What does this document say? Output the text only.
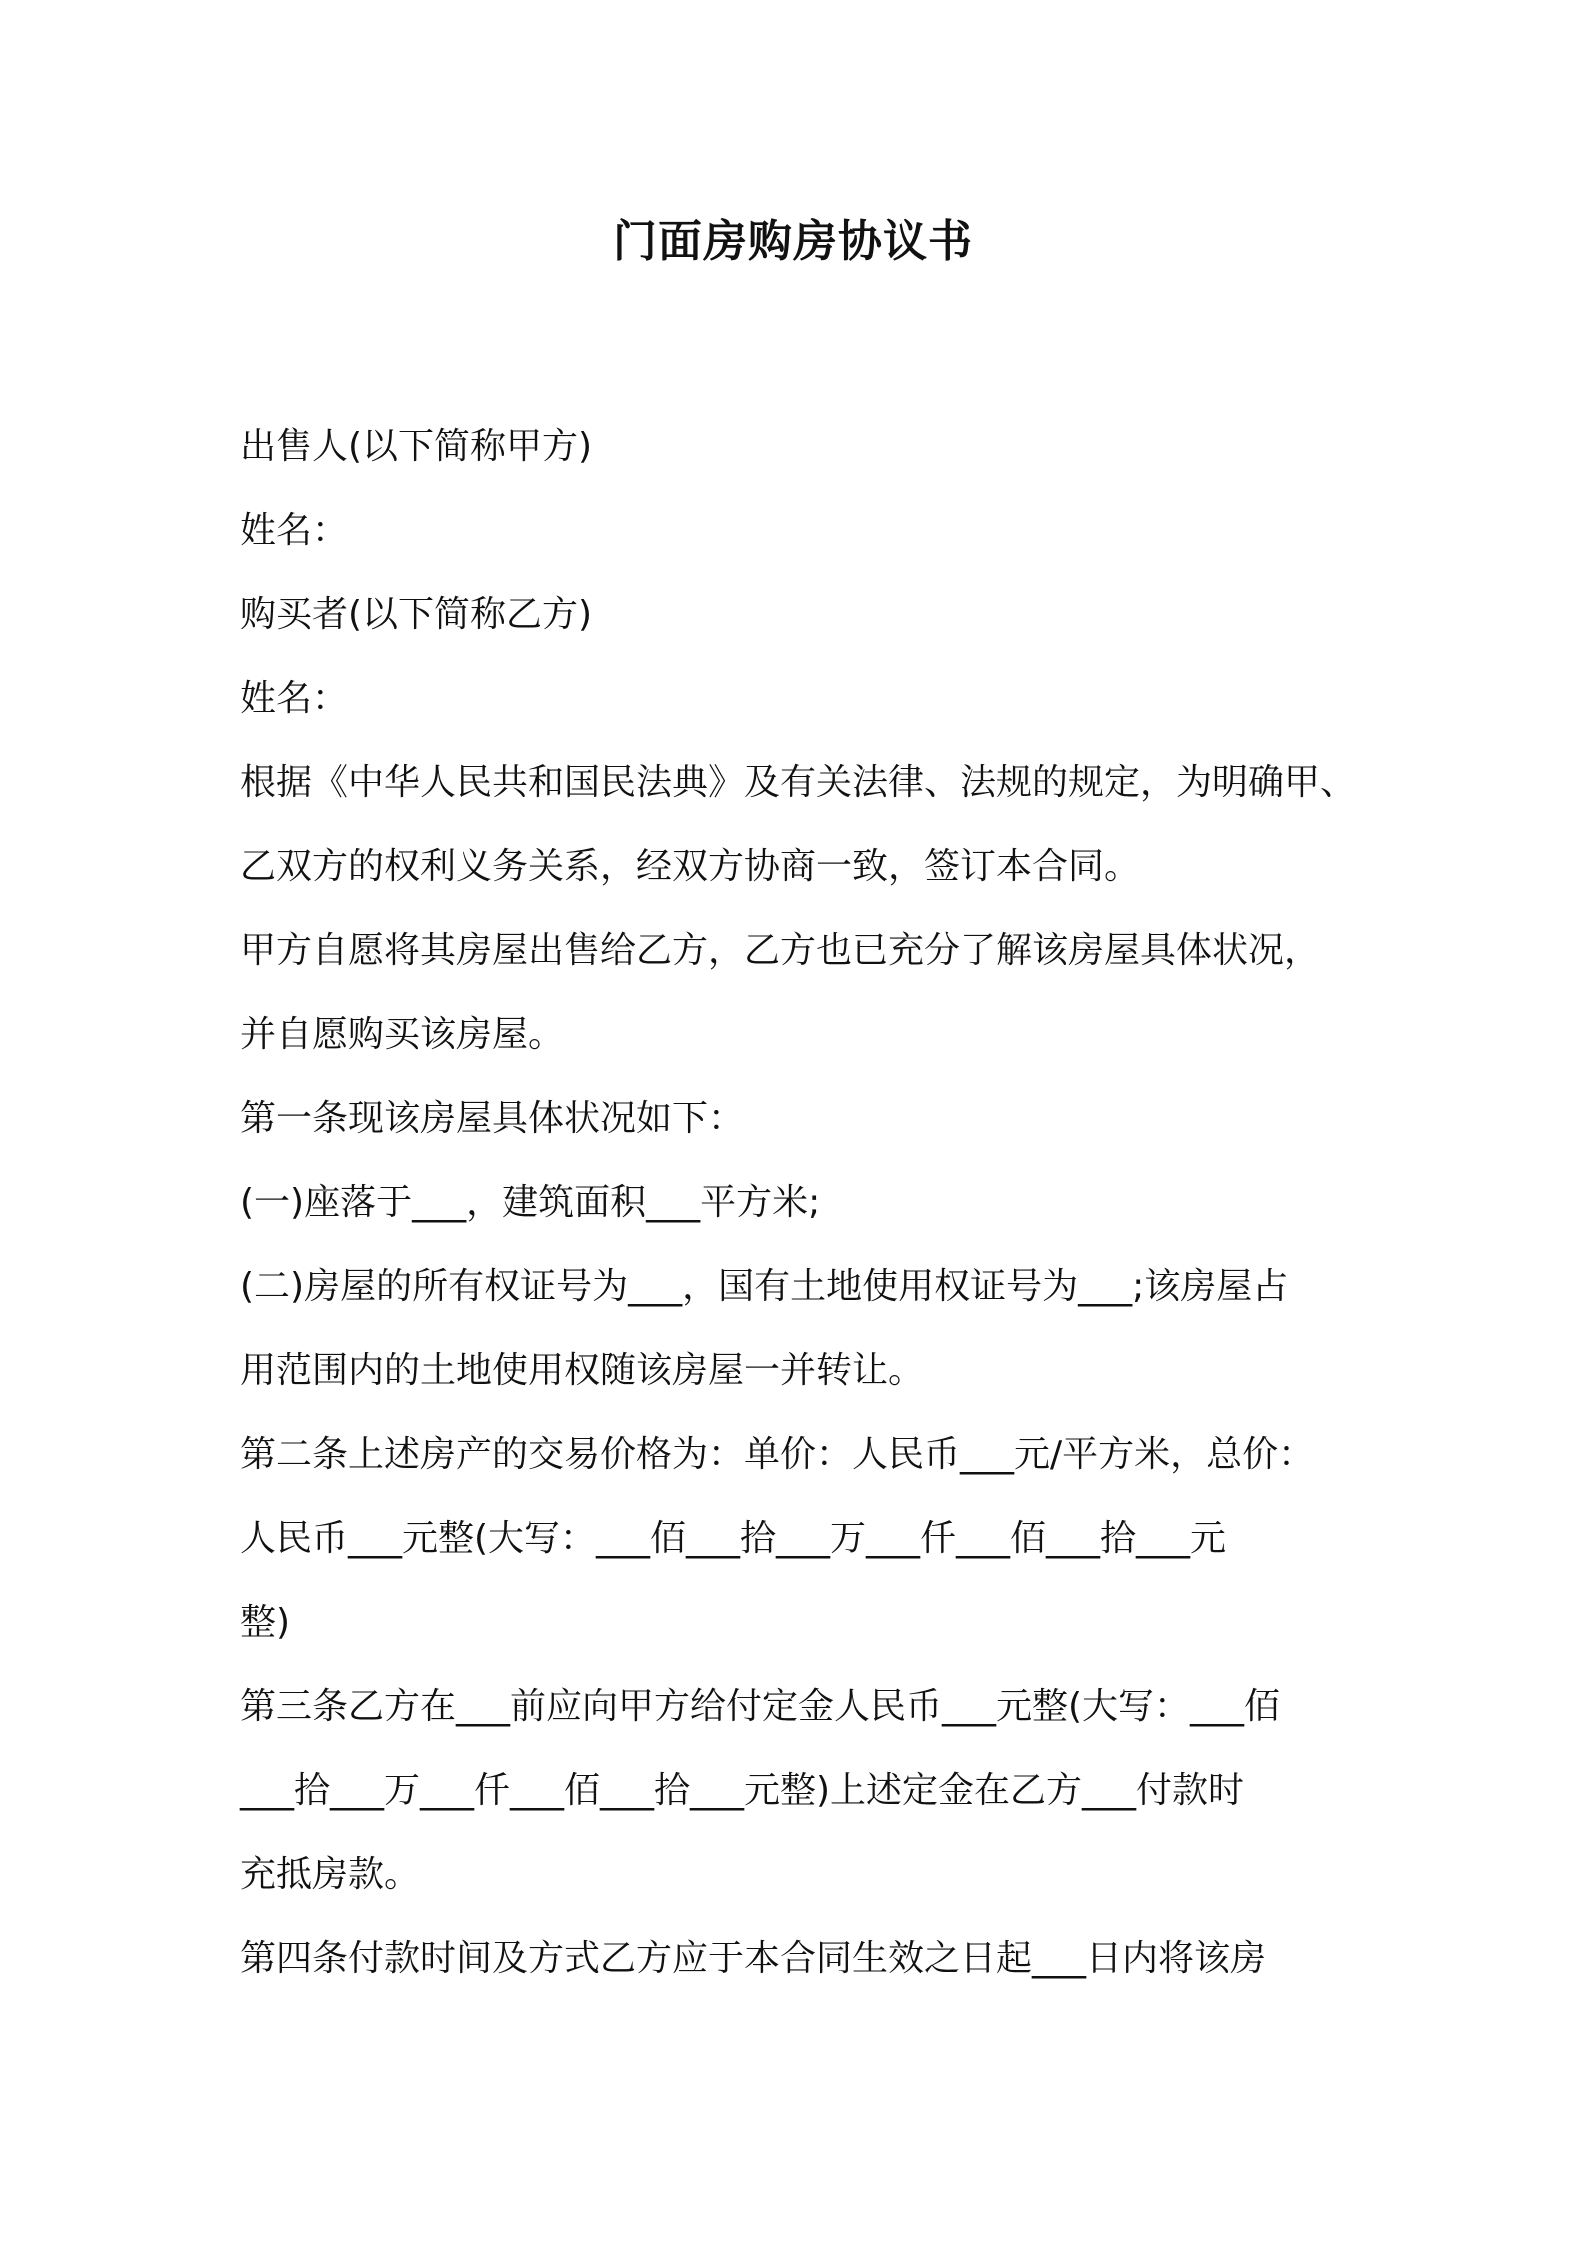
门面房购房协议书
出售人(以下简称甲方)
姓名：
购买者(以下简称乙方)
姓名：
根据《中华人民共和国民法典》及有关法律、法规的规定，为明确甲、
乙双方的权利义务关系，经双方协商一致，签订本合同。
甲方自愿将其房屋出售给乙方，乙方也已充分了解该房屋具体状况，
并自愿购买该房屋。
第一条现该房屋具体状况如下：
(一)座落于___，建筑面积___平方米;
(二)房屋的所有权证号为___，国有土地使用权证号为___;该房屋占
用范围内的土地使用权随该房屋一并转让。
第二条上述房产的交易价格为：单价：人民币___元/平方米，总价：
人民币___元整(大写：___佰___拾___万___仟___佰___拾___元
整)
第三条乙方在___前应向甲方给付定金人民币___元整(大写：___佰
___拾___万___仟___佰___拾___元整)上述定金在乙方___付款时
充抵房款。
第四条付款时间及方式乙方应于本合同生效之日起___日内将该房
